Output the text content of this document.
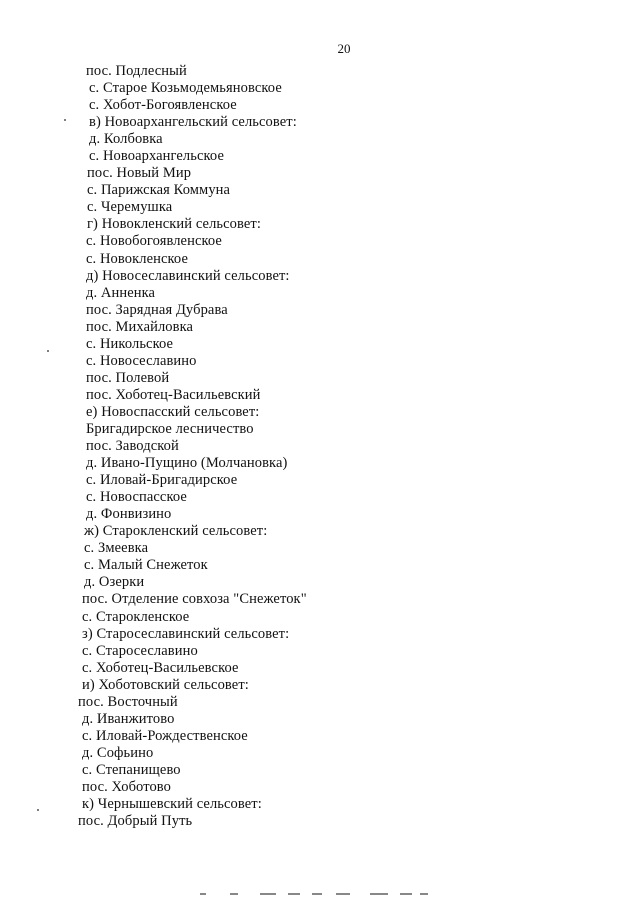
20
пос. Подлесный
с. Старое Козьмодемьяновское
с. Хобот-Богоявленское
в) Новоархангельский сельсовет:
д. Колбовка
с. Новоархангельское
пос. Новый Мир
с. Парижская Коммуна
с. Черемушка
г) Новокленский сельсовет:
с. Новобогоявленское
с. Новокленское
д) Новосеславинский сельсовет:
д. Анненка
пос. Зарядная Дубрава
пос. Михайловка
с. Никольское
с. Новосеславино
пос. Полевой
пос. Хоботец-Васильевский
е) Новоспасский сельсовет:
Бригадирское лесничество
пос. Заводской
д. Ивано-Пущино (Молчановка)
с. Иловай-Бригадирское
с. Новоспасское
д. Фонвизино
ж) Старокленский сельсовет:
с. Змеевка
с. Малый Снежеток
д. Озерки
пос. Отделение совхоза "Снежеток"
с. Старокленское
з) Старосеславинский сельсовет:
с. Старосеславино
с. Хоботец-Васильевское
и) Хоботовский сельсовет:
пос. Восточный
д. Иванжитово
с. Иловай-Рождественское
д. Софьино
с. Степанищево
пос. Хоботово
к) Чернышевский сельсовет:
пос. Добрый Путь
